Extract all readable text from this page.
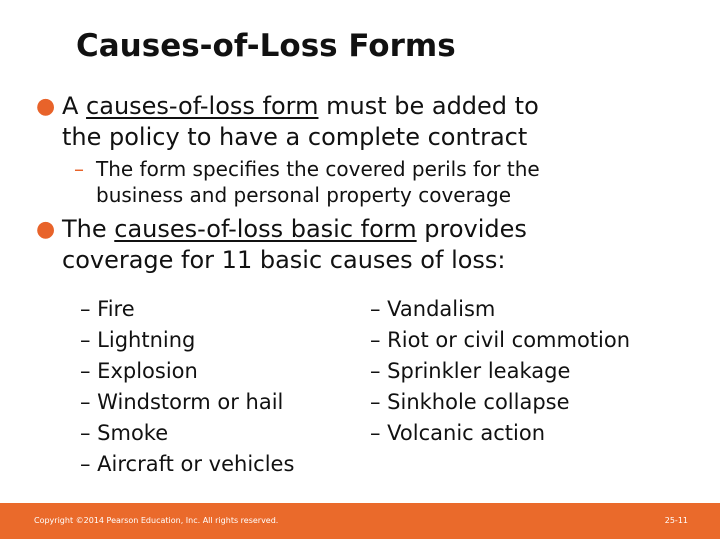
Causes-of-Loss Forms
● A causes-of-loss form must be added to
the policy to have a complete contract
– The form specifies the covered perils for the
business and personal property coverage
● The causes-of-loss basic form provides
coverage for 11 basic causes of loss:
– Fire
– Lightning
– Explosion
– Windstorm or hail
– Smoke
– Aircraft or vehicles
– Vandalism
– Riot or civil commotion
– Sprinkler leakage
– Sinkhole collapse
– Volcanic action
Copyright ©2014 Pearson Education, Inc. All rights reserved.	25-11
